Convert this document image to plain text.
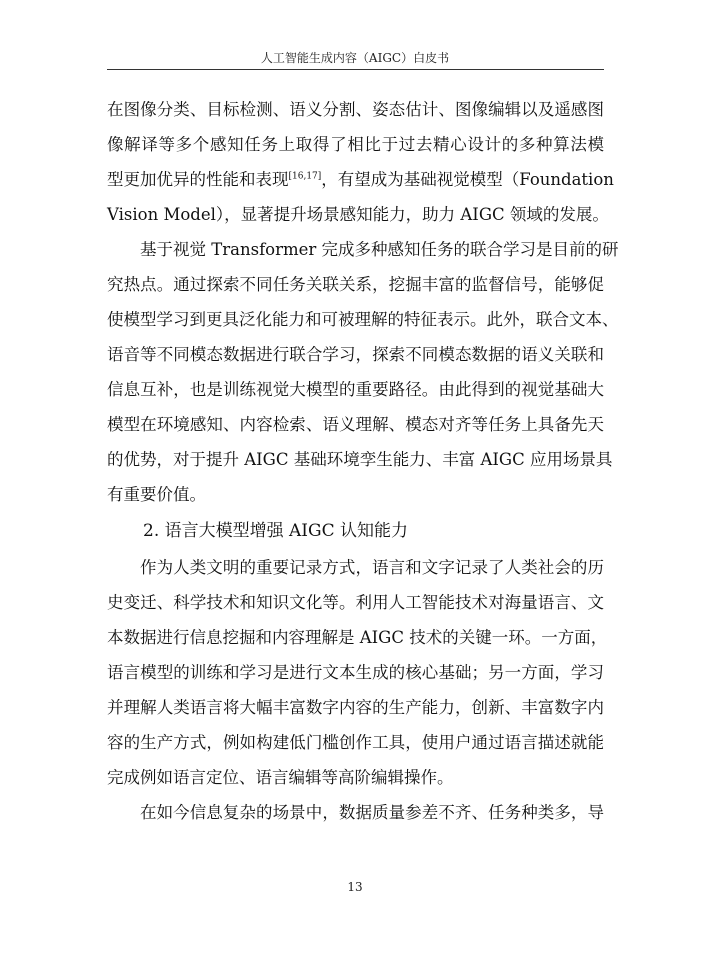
人工智能生成内容（AIGC）白皮书
在图像分类、目标检测、语义分割、姿态估计、图像编辑以及遥感图
像解译等多个感知任务上取得了相比于过去精心设计的多种算法模
型更加优异的性能和表现[16,17]，有望成为基础视觉模型（Foundation
Vision Model），显著提升场景感知能力，助力 AIGC 领域的发展。
基于视觉 Transformer 完成多种感知任务的联合学习是目前的研
究热点。通过探索不同任务关联关系，挖掘丰富的监督信号，能够促
使模型学习到更具泛化能力和可被理解的特征表示。此外，联合文本、
语音等不同模态数据进行联合学习，探索不同模态数据的语义关联和
信息互补，也是训练视觉大模型的重要路径。由此得到的视觉基础大
模型在环境感知、内容检索、语义理解、模态对齐等任务上具备先天
的优势，对于提升 AIGC 基础环境孪生能力、丰富 AIGC 应用场景具
有重要价值。
2. 语言大模型增强 AIGC 认知能力
作为人类文明的重要记录方式，语言和文字记录了人类社会的历
史变迁、科学技术和知识文化等。利用人工智能技术对海量语言、文
本数据进行信息挖掘和内容理解是 AIGC 技术的关键一环。一方面，
语言模型的训练和学习是进行文本生成的核心基础；另一方面，学习
并理解人类语言将大幅丰富数字内容的生产能力，创新、丰富数字内
容的生产方式，例如构建低门槛创作工具，使用户通过语言描述就能
完成例如语言定位、语言编辑等高阶编辑操作。
在如今信息复杂的场景中，数据质量参差不齐、任务种类多，导
13
